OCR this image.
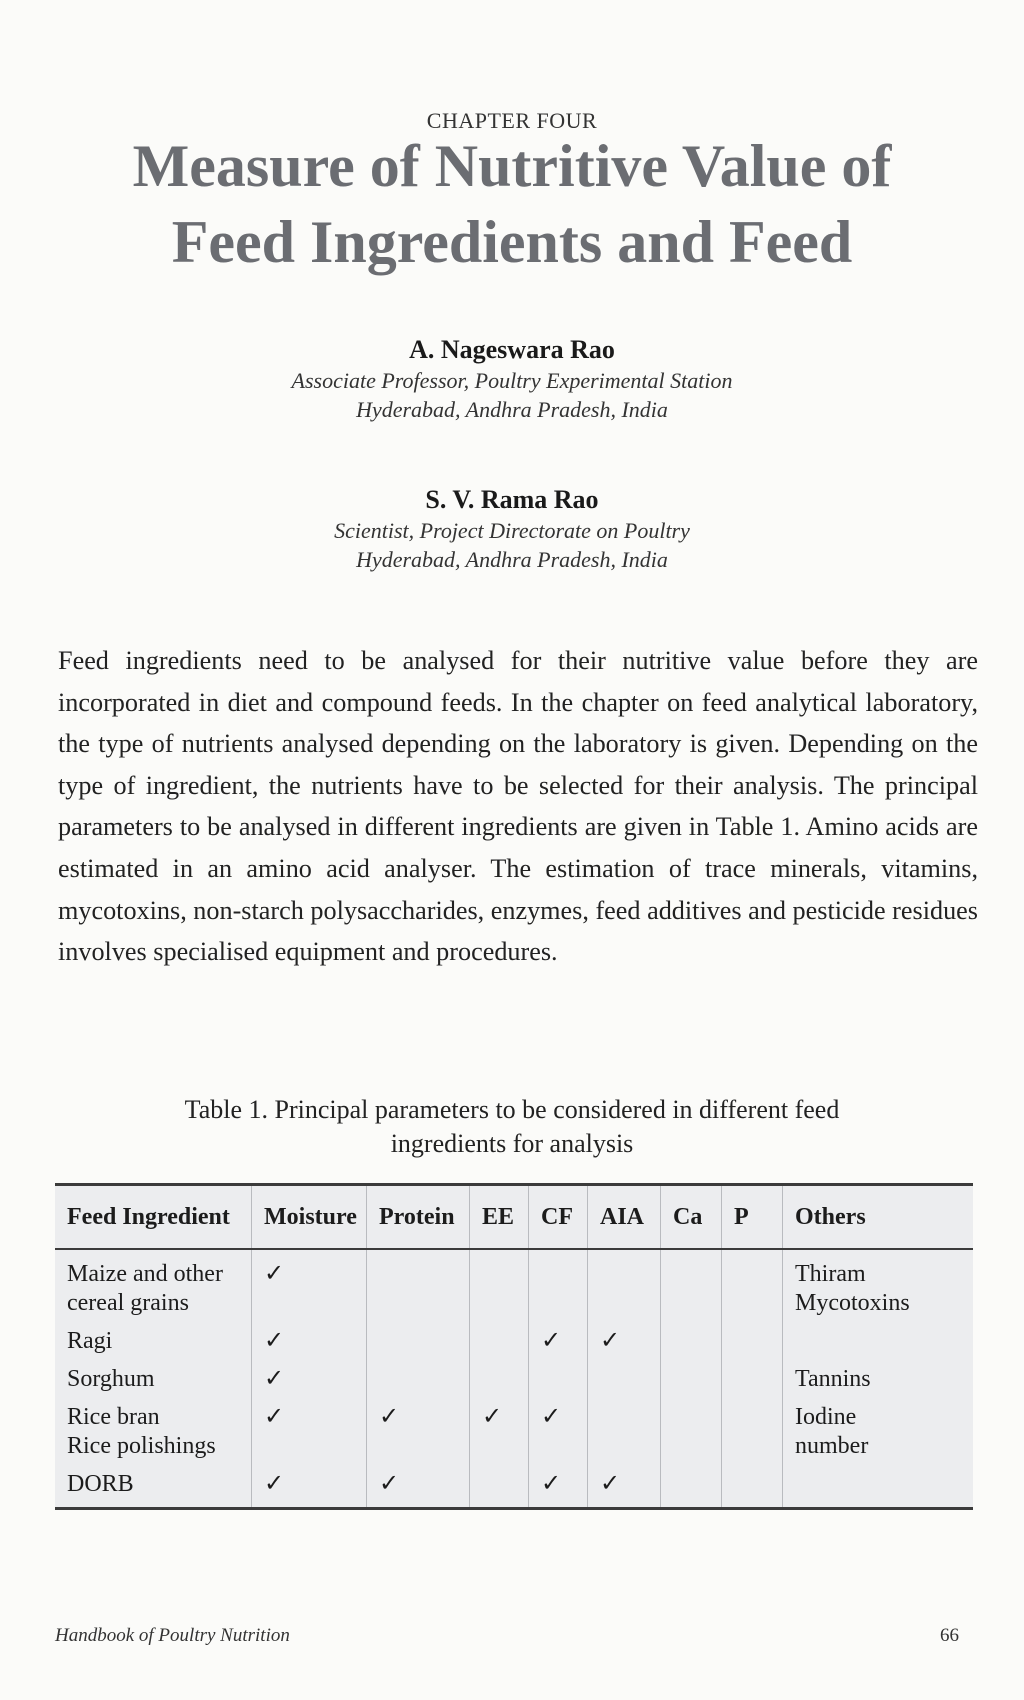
CHAPTER FOUR
Measure of Nutritive Value of
Feed Ingredients and Feed
A. Nageswara Rao
Associate Professor, Poultry Experimental Station
Hyderabad, Andhra Pradesh, India
S. V. Rama Rao
Scientist, Project Directorate on Poultry
Hyderabad, Andhra Pradesh, India

Feed ingredients need to be analysed for their nutritive value before they are incorporated in diet and compound feeds. In the chapter on feed analytical laboratory, the type of nutrients analysed depending on the laboratory is given. Depending on the type of ingredient, the nutrients have to be selected for their analysis. The principal parameters to be analysed in different ingredients are given in Table 1. Amino acids are estimated in an amino acid analyser. The estimation of trace minerals, vitamins, mycotoxins, non-starch polysaccharides, enzymes, feed additives and pesticide residues involves specialised equipment and procedures.

Table 1. Principal parameters to be considered in different feed
ingredients for analysis
Feed Ingredient	Moisture	Protein	EE	CF	AIA	Ca	P	Others

Maize and other
cereal grains	✓							Thiram
Mycotoxins

Ragi	✓			✓	✓			

Sorghum	✓							Tannins

Rice bran
Rice polishings	✓	✓	✓	✓				Iodine
number

DORB	✓	✓		✓	✓			
Handbook of Poultry Nutrition	66
